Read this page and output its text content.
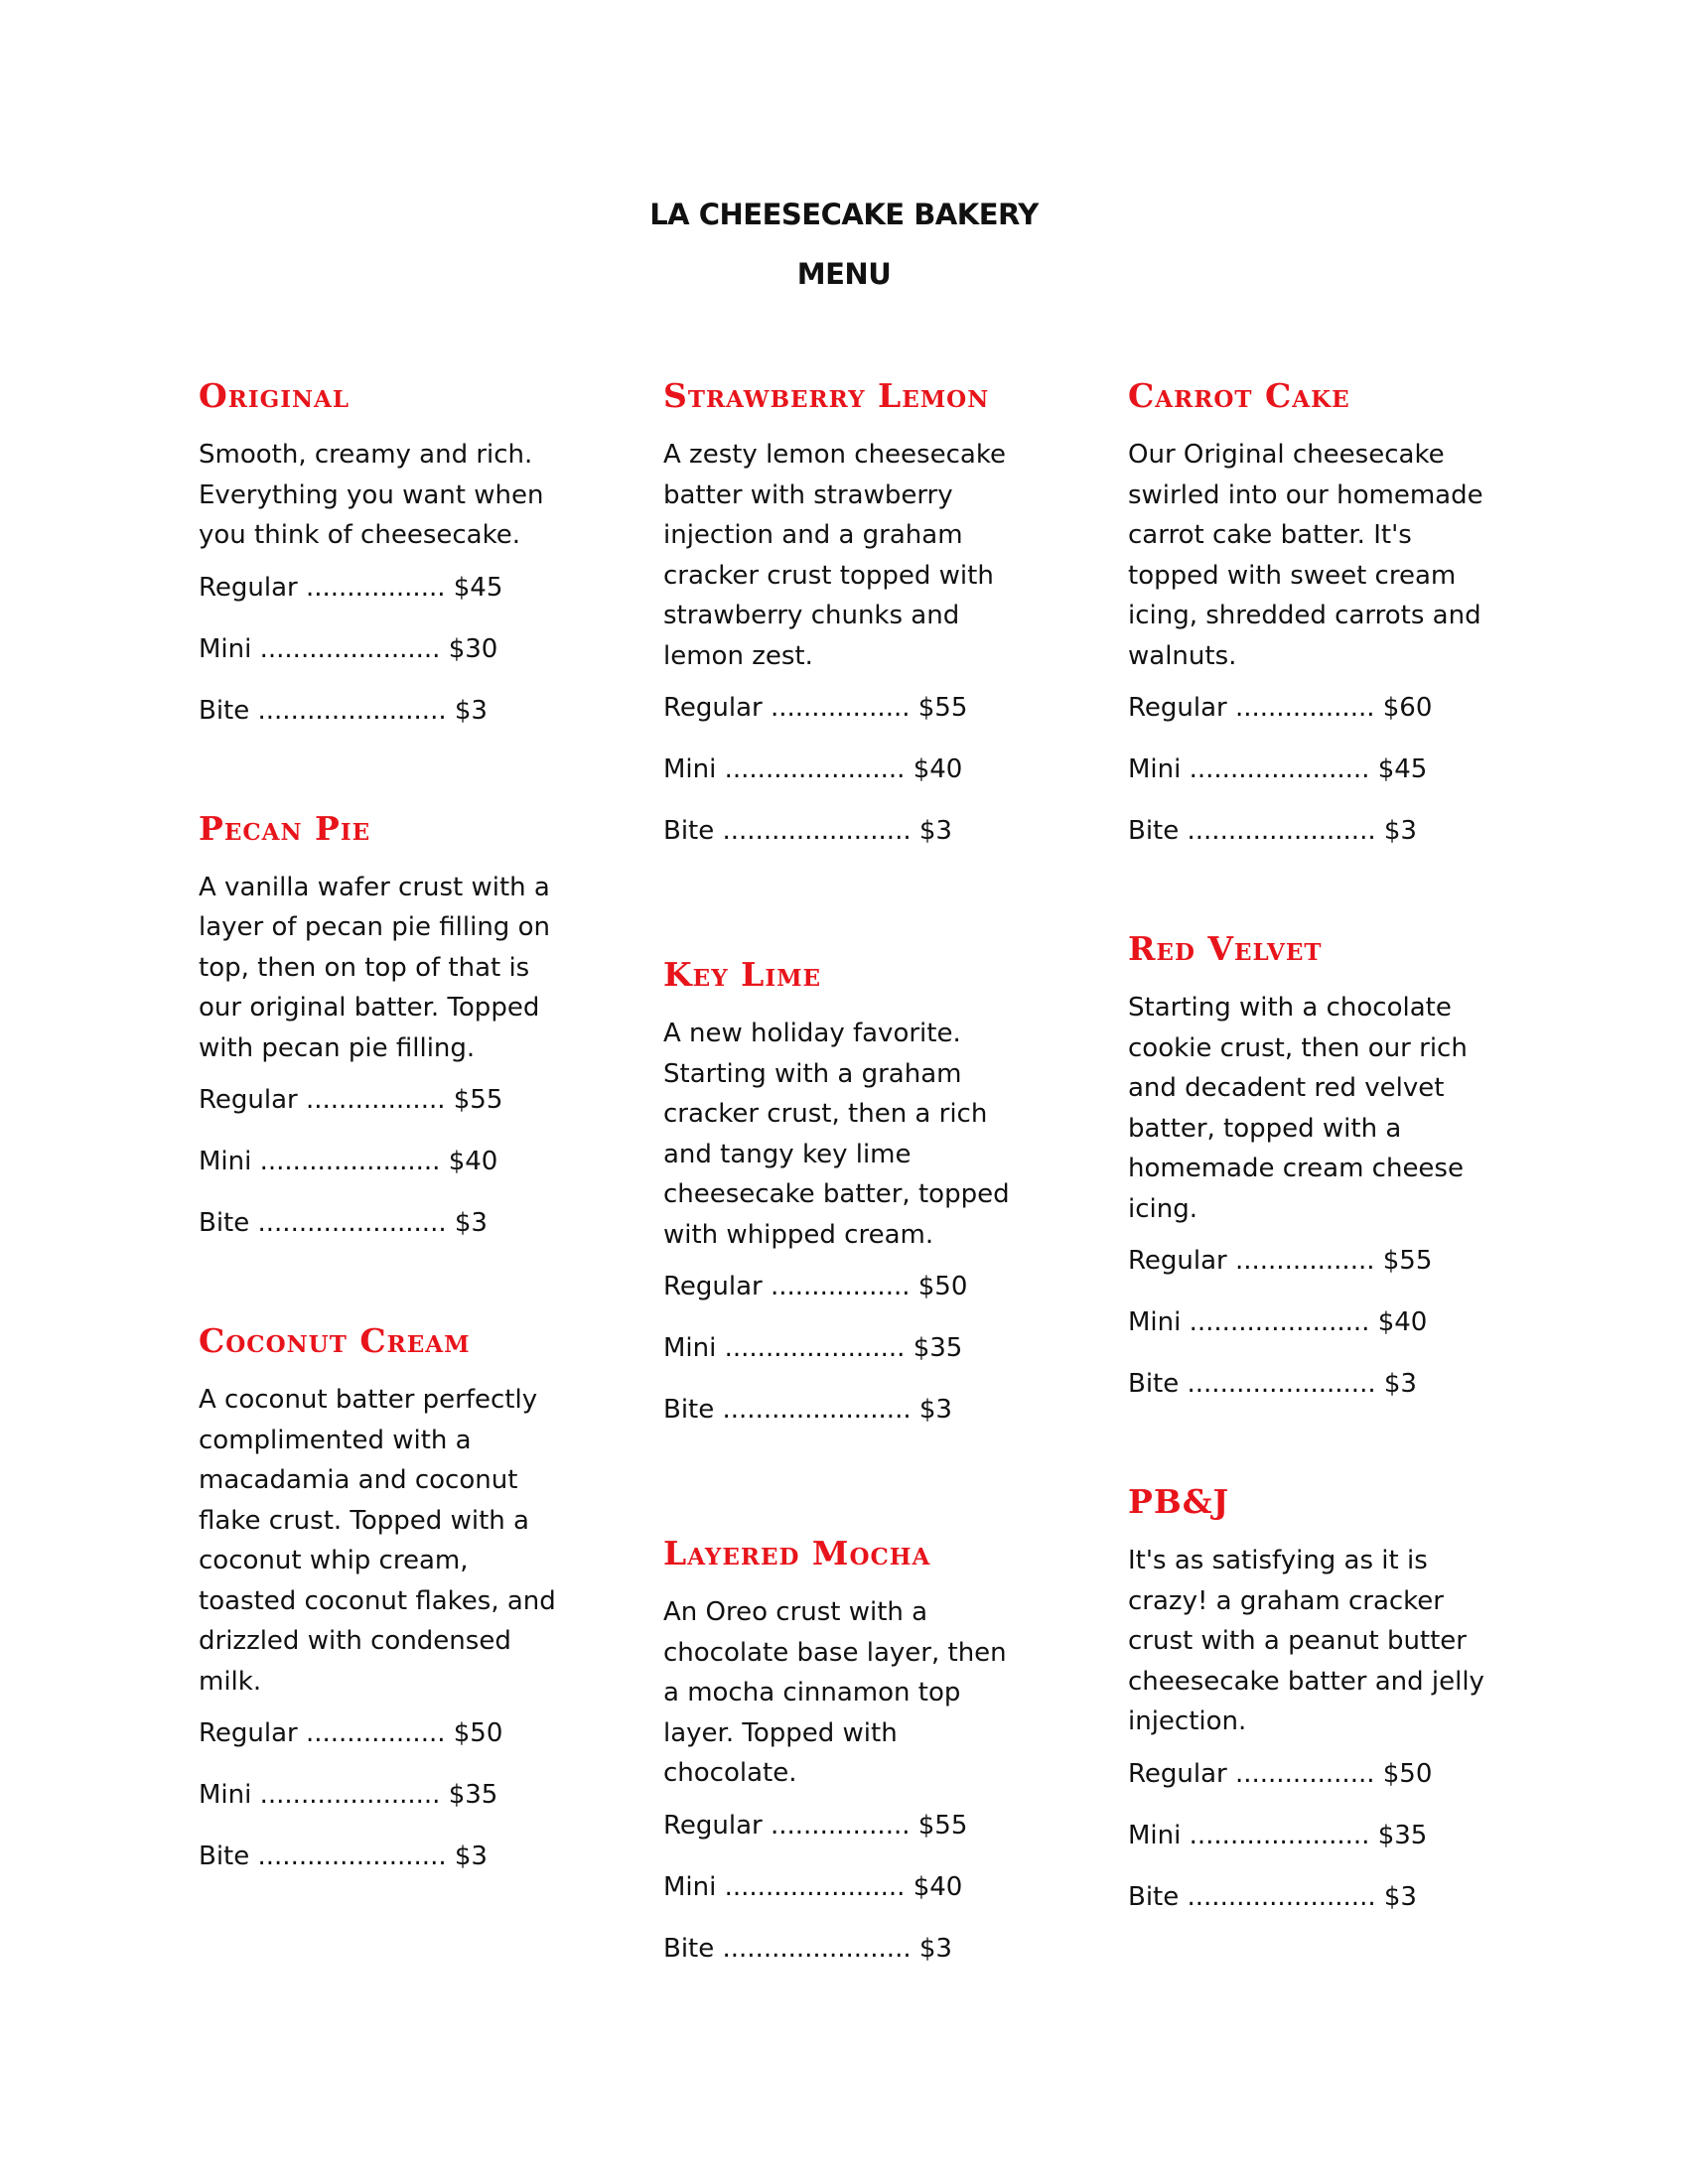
LA CHEESECAKE BAKERY
MENU
Original
Smooth, creamy and rich.
Everything you want when
you think of cheesecake.
Regular ................. $45
Mini ...................... $30
Bite ....................... $3
Pecan Pie
A vanilla wafer crust with a
layer of pecan pie filling on
top, then on top of that is
our original batter. Topped
with pecan pie filling.
Regular ................. $55
Mini ...................... $40
Bite ....................... $3
Coconut Cream
A coconut batter perfectly
complimented with a
macadamia and coconut
flake crust. Topped with a
coconut whip cream,
toasted coconut flakes, and
drizzled with condensed
milk.
Regular ................. $50
Mini ...................... $35
Bite ....................... $3
Strawberry Lemon
A zesty lemon cheesecake
batter with strawberry
injection and a graham
cracker crust topped with
strawberry chunks and
lemon zest.
Regular ................. $55
Mini ...................... $40
Bite ....................... $3
Key Lime
A new holiday favorite.
Starting with a graham
cracker crust, then a rich
and tangy key lime
cheesecake batter, topped
with whipped cream.
Regular ................. $50
Mini ...................... $35
Bite ....................... $3
Layered Mocha
An Oreo crust with a
chocolate base layer, then
a mocha cinnamon top
layer. Topped with
chocolate.
Regular ................. $55
Mini ...................... $40
Bite ....................... $3
Carrot Cake
Our Original cheesecake
swirled into our homemade
carrot cake batter. It's
topped with sweet cream
icing, shredded carrots and
walnuts.
Regular ................. $60
Mini ...................... $45
Bite ....................... $3
Red Velvet
Starting with a chocolate
cookie crust, then our rich
and decadent red velvet
batter, topped with a
homemade cream cheese
icing.
Regular ................. $55
Mini ...................... $40
Bite ....................... $3
PB&J
It's as satisfying as it is
crazy! a graham cracker
crust with a peanut butter
cheesecake batter and jelly
injection.
Regular ................. $50
Mini ...................... $35
Bite ....................... $3
